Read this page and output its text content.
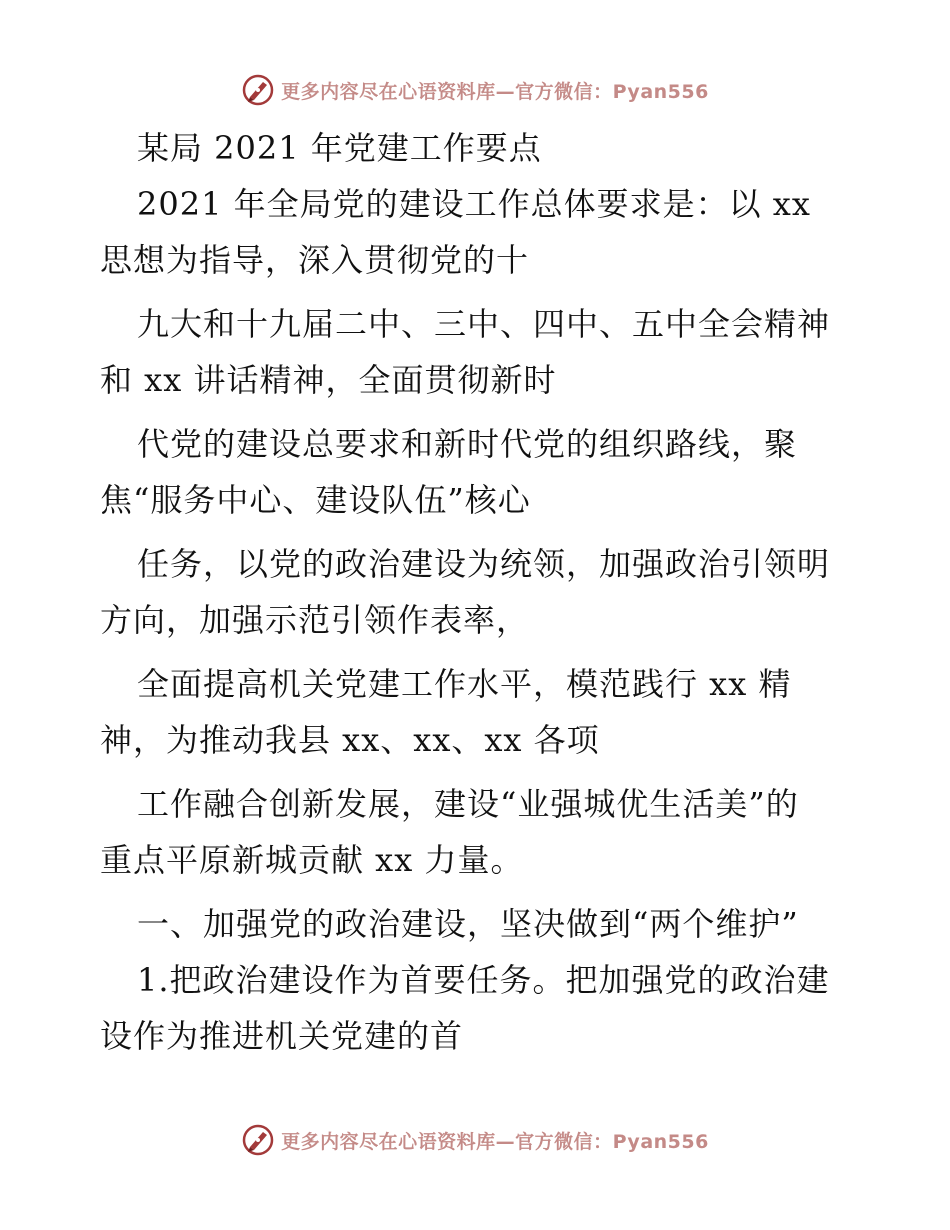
更多内容尽在心语资料库—官方微信：Pyan556
某局 2021 年党建工作要点
2021 年全局党的建设工作总体要求是：以 xx
思想为指导，深入贯彻党的十
九大和十九届二中、三中、四中、五中全会精神
和 xx 讲话精神，全面贯彻新时
代党的建设总要求和新时代党的组织路线，聚
焦“服务中心、建设队伍”核心
任务，以党的政治建设为统领，加强政治引领明
方向，加强示范引领作表率，
全面提高机关党建工作水平，模范践行 xx 精
神，为推动我县 xx、xx、xx 各项
工作融合创新发展，建设“业强城优生活美”的
重点平原新城贡献 xx 力量。
一、加强党的政治建设，坚决做到“两个维护”
1.把政治建设作为首要任务。把加强党的政治建
设作为推进机关党建的首
更多内容尽在心语资料库—官方微信：Pyan556
